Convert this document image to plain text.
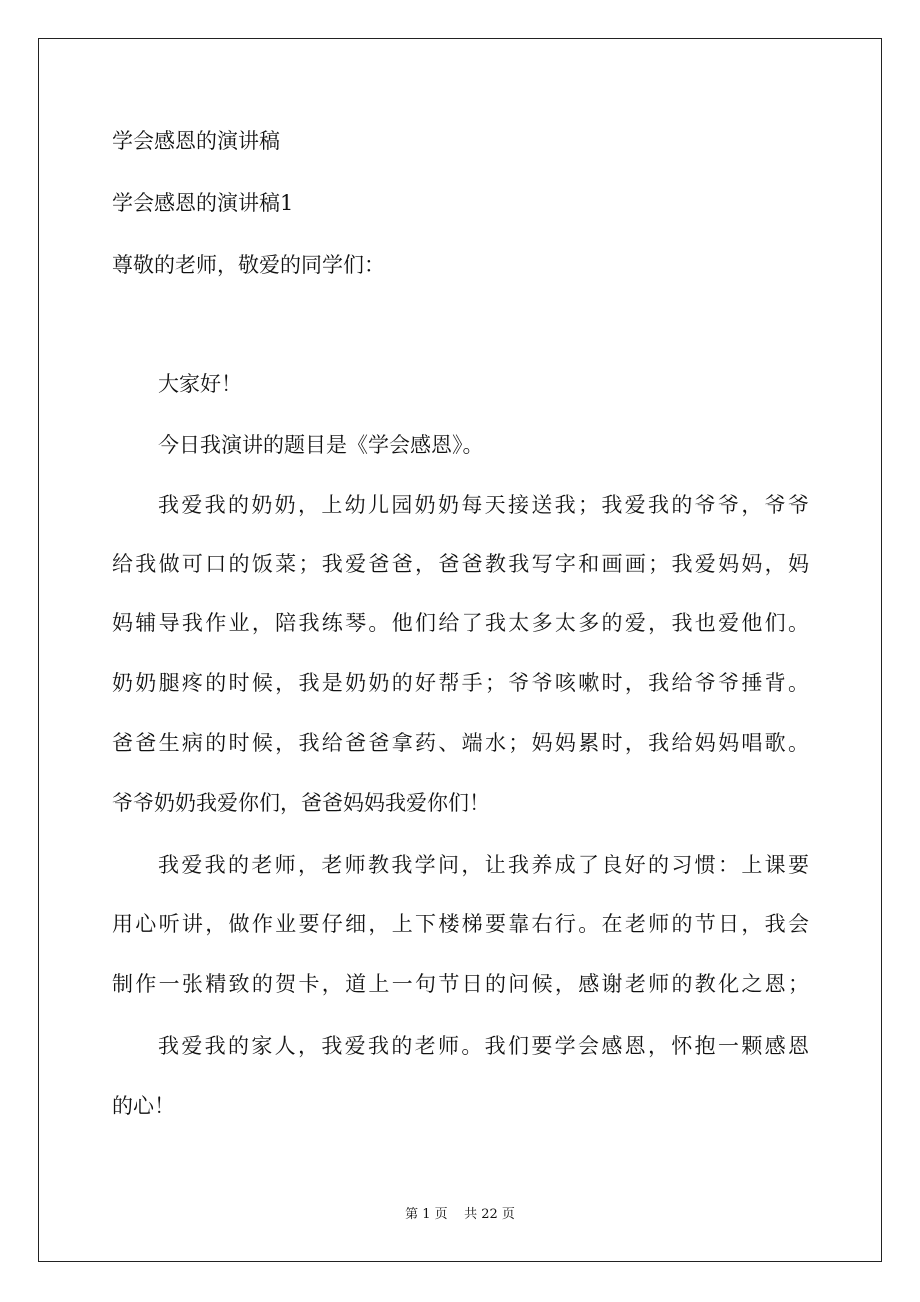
学会感恩的演讲稿
学会感恩的演讲稿1
尊敬的老师，敬爱的同学们：
大家好！
今日我演讲的题目是《学会感恩》。
我爱我的奶奶，上幼儿园奶奶每天接送我；我爱我的爷爷，爷爷
给我做可口的饭菜；我爱爸爸，爸爸教我写字和画画；我爱妈妈，妈
妈辅导我作业，陪我练琴。他们给了我太多太多的爱，我也爱他们。
奶奶腿疼的时候，我是奶奶的好帮手；爷爷咳嗽时，我给爷爷捶背。
爸爸生病的时候，我给爸爸拿药、端水；妈妈累时，我给妈妈唱歌。
爷爷奶奶我爱你们，爸爸妈妈我爱你们！
我爱我的老师，老师教我学问，让我养成了良好的习惯：上课要
用心听讲，做作业要仔细，上下楼梯要靠右行。在老师的节日，我会
制作一张精致的贺卡，道上一句节日的问候，感谢老师的教化之恩；
我爱我的家人，我爱我的老师。我们要学会感恩，怀抱一颗感恩
的心！
第 1 页    共 22 页
